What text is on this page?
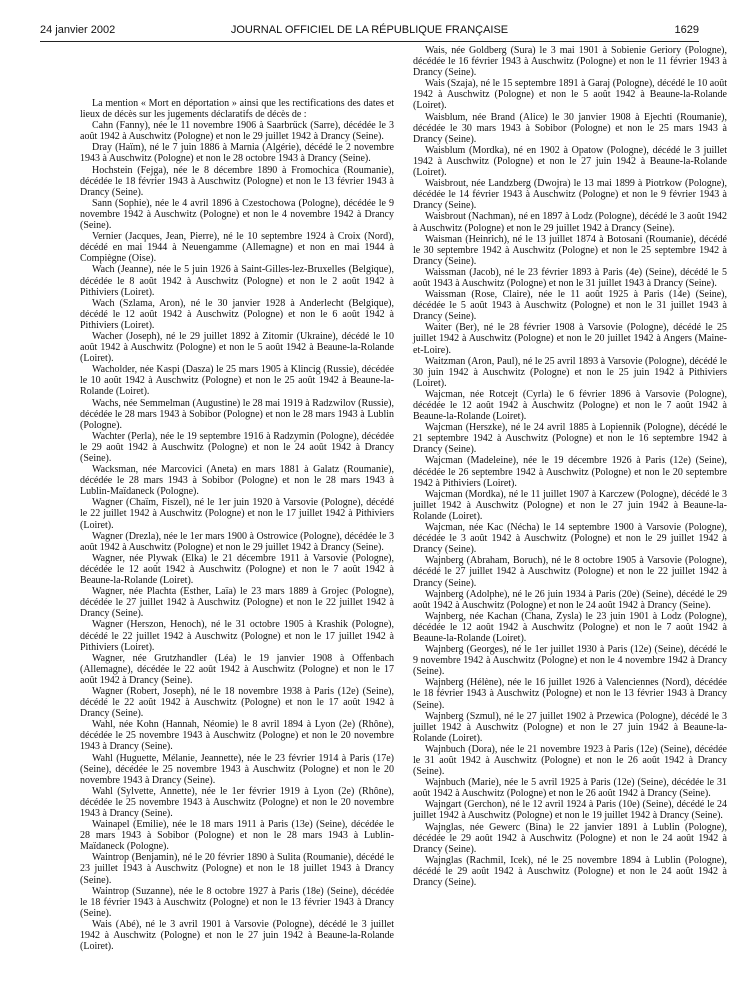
24 janvier 2002	JOURNAL OFFICIEL DE LA RÉPUBLIQUE FRANÇAISE	1629

La mention « Mort en déportation » ainsi que les rectifications des dates et lieux de décès sur les jugements déclaratifs de décès de :

Cahn (Fanny), née le 11 novembre 1906 à Saarbrück (Sarre), décédée le 3 août 1942 à Auschwitz (Pologne) et non le 29 juillet 1942 à Drancy (Seine).

Dray (Haïm), né le 7 juin 1886 à Marnia (Algérie), décédé le 2 novembre 1943 à Auschwitz (Pologne) et non le 28 octobre 1943 à Drancy (Seine).

Hochstein (Fejga), née le 8 décembre 1890 à Fromochica (Roumanie), décédée le 18 février 1943 à Auschwitz (Pologne) et non le 13 février 1943 à Drancy (Seine).

Sann (Sophie), née le 4 avril 1896 à Czestochowa (Pologne), décédée le 9 novembre 1942 à Auschwitz (Pologne) et non le 4 novembre 1942 à Drancy (Seine).

Vernier (Jacques, Jean, Pierre), né le 10 septembre 1924 à Croix (Nord), décédé en mai 1944 à Neuengamme (Allemagne) et non en mai 1944 à Compiègne (Oise).

Wach (Jeanne), née le 5 juin 1926 à Saint-Gilles-lez-Bruxelles (Belgique), décédée le 8 août 1942 à Auschwitz (Pologne) et non le 2 août 1942 à Pithiviers (Loiret).

Wach (Szlama, Aron), né le 30 janvier 1928 à Anderlecht (Belgique), décédé le 12 août 1942 à Auschwitz (Pologne) et non le 6 août 1942 à Pithiviers (Loiret).

Wacher (Joseph), né le 29 juillet 1892 à Zitomir (Ukraine), décédé le 10 août 1942 à Auschwitz (Pologne) et non le 5 août 1942 à Beaune-la-Rolande (Loiret).

Wacholder, née Kaspi (Dasza) le 25 mars 1905 à Klincig (Russie), décédée le 10 août 1942 à Auschwitz (Pologne) et non le 25 août 1942 à Beaune-la-Rolande (Loiret).

Wachs, née Semmelman (Augustine) le 28 mai 1919 à Radzwilov (Russie), décédée le 28 mars 1943 à Sobibor (Pologne) et non le 28 mars 1943 à Lublin (Pologne).

Wachter (Perla), née le 19 septembre 1916 à Radzymin (Pologne), décédée le 29 août 1942 à Auschwitz (Pologne) et non le 24 août 1942 à Drancy (Seine).

Wacksman, née Marcovici (Aneta) en mars 1881 à Galatz (Roumanie), décédée le 28 mars 1943 à Sobibor (Pologne) et non le 28 mars 1943 à Lublin-Maïdaneck (Pologne).

Wagner (Chaïm, Fiszel), né le 1er juin 1920 à Varsovie (Pologne), décédé le 22 juillet 1942 à Auschwitz (Pologne) et non le 17 juillet 1942 à Pithiviers (Loiret).

Wagner (Drezla), née le 1er mars 1900 à Ostrowice (Pologne), décédée le 3 août 1942 à Auschwitz (Pologne) et non le 29 juillet 1942 à Drancy (Seine).

Wagner, née Plywak (Elka) le 21 décembre 1911 à Varsovie (Pologne), décédée le 12 août 1942 à Auschwitz (Pologne) et non le 7 août 1942 à Beaune-la-Rolande (Loiret).

Wagner, née Plachta (Esther, Laïa) le 23 mars 1889 à Grojec (Pologne), décédée le 27 juillet 1942 à Auschwitz (Pologne) et non le 22 juillet 1942 à Drancy (Seine).

Wagner (Herszon, Henoch), né le 31 octobre 1905 à Krashik (Pologne), décédé le 22 juillet 1942 à Auschwitz (Pologne) et non le 17 juillet 1942 à Pithiviers (Loiret).

Wagner, née Grutzhandler (Léa) le 19 janvier 1908 à Offenbach (Allemagne), décédée le 22 août 1942 à Auschwitz (Pologne) et non le 17 août 1942 à Drancy (Seine).

Wagner (Robert, Joseph), né le 18 novembre 1938 à Paris (12e) (Seine), décédé le 22 août 1942 à Auschwitz (Pologne) et non le 17 août 1942 à Drancy (Seine).

Wahl, née Kohn (Hannah, Néomie) le 8 avril 1894 à Lyon (2e) (Rhône), décédée le 25 novembre 1943 à Auschwitz (Pologne) et non le 20 novembre 1943 à Drancy (Seine).

Wahl (Huguette, Mélanie, Jeannette), née le 23 février 1914 à Paris (17e) (Seine), décédée le 25 novembre 1943 à Auschwitz (Pologne) et non le 20 novembre 1943 à Drancy (Seine).

Wahl (Sylvette, Annette), née le 1er février 1919 à Lyon (2e) (Rhône), décédée le 25 novembre 1943 à Auschwitz (Pologne) et non le 20 novembre 1943 à Drancy (Seine).

Wainapel (Emilie), née le 18 mars 1911 à Paris (13e) (Seine), décédée le 28 mars 1943 à Sobibor (Pologne) et non le 28 mars 1943 à Lublin-Maïdaneck (Pologne).

Waintrop (Benjamin), né le 20 février 1890 à Sulita (Roumanie), décédé le 23 juillet 1943 à Auschwitz (Pologne) et non le 18 juillet 1943 à Drancy (Seine).

Waintrop (Suzanne), née le 8 octobre 1927 à Paris (18e) (Seine), décédée le 18 février 1943 à Auschwitz (Pologne) et non le 13 février 1943 à Drancy (Seine).

Wais (Abé), né le 3 avril 1901 à Varsovie (Pologne), décédé le 3 juillet 1942 à Auschwitz (Pologne) et non le 27 juin 1942 à Beaune-la-Rolande (Loiret).

Wais, née Goldberg (Sura) le 3 mai 1901 à Sobienie Geriory (Pologne), décédée le 16 février 1943 à Auschwitz (Pologne) et non le 11 février 1943 à Drancy (Seine).

Wais (Szaja), né le 15 septembre 1891 à Garaj (Pologne), décédé le 10 août 1942 à Auschwitz (Pologne) et non le 5 août 1942 à Beaune-la-Rolande (Loiret).

Waisblum, née Brand (Alice) le 30 janvier 1908 à Ejechti (Roumanie), décédée le 30 mars 1943 à Sobibor (Pologne) et non le 25 mars 1943 à Drancy (Seine).

Waisblum (Mordka), né en 1902 à Opatow (Pologne), décédé le 3 juillet 1942 à Auschwitz (Pologne) et non le 27 juin 1942 à Beaune-la-Rolande (Loiret).

Waisbrout, née Landzberg (Dwojra) le 13 mai 1899 à Piotrkow (Pologne), décédée le 14 février 1943 à Auschwitz (Pologne) et non le 9 février 1943 à Drancy (Seine).

Waisbrout (Nachman), né en 1897 à Lodz (Pologne), décédé le 3 août 1942 à Auschwitz (Pologne) et non le 29 juillet 1942 à Drancy (Seine).

Waisman (Heinrich), né le 13 juillet 1874 à Botosani (Roumanie), décédé le 30 septembre 1942 à Auschwitz (Pologne) et non le 25 septembre 1942 à Drancy (Seine).

Waissman (Jacob), né le 23 février 1893 à Paris (4e) (Seine), décédé le 5 août 1943 à Auschwitz (Pologne) et non le 31 juillet 1943 à Drancy (Seine).

Waissman (Rose, Claire), née le 11 août 1925 à Paris (14e) (Seine), décédée le 5 août 1943 à Auschwitz (Pologne) et non le 31 juillet 1943 à Drancy (Seine).

Waiter (Ber), né le 28 février 1908 à Varsovie (Pologne), décédé le 25 juillet 1942 à Auschwitz (Pologne) et non le 20 juillet 1942 à Angers (Maine-et-Loire).

Waitzman (Aron, Paul), né le 25 avril 1893 à Varsovie (Pologne), décédé le 30 juin 1942 à Auschwitz (Pologne) et non le 25 juin 1942 à Pithiviers (Loiret).

Wajcman, née Rotcejt (Cyrla) le 6 février 1896 à Varsovie (Pologne), décédée le 12 août 1942 à Auschwitz (Pologne) et non le 7 août 1942 à Beaune-la-Rolande (Loiret).

Wajcman (Herszke), né le 24 avril 1885 à Lopiennik (Pologne), décédé le 21 septembre 1942 à Auschwitz (Pologne) et non le 16 septembre 1942 à Drancy (Seine).

Wajcman (Madeleine), née le 19 décembre 1926 à Paris (12e) (Seine), décédée le 26 septembre 1942 à Auschwitz (Pologne) et non le 20 septembre 1942 à Pithiviers (Loiret).

Wajcman (Mordka), né le 11 juillet 1907 à Karczew (Pologne), décédé le 3 juillet 1942 à Auschwitz (Pologne) et non le 27 juin 1942 à Beaune-la-Rolande (Loiret).

Wajcman, née Kac (Nécha) le 14 septembre 1900 à Varsovie (Pologne), décédée le 3 août 1942 à Auschwitz (Pologne) et non le 29 juillet 1942 à Drancy (Seine).

Wajnberg (Abraham, Boruch), né le 8 octobre 1905 à Varsovie (Pologne), décédé le 27 juillet 1942 à Auschwitz (Pologne) et non le 22 juillet 1942 à Drancy (Seine).

Wajnberg (Adolphe), né le 26 juin 1934 à Paris (20e) (Seine), décédé le 29 août 1942 à Auschwitz (Pologne) et non le 24 août 1942 à Drancy (Seine).

Wajnberg, née Kachan (Chana, Zysla) le 23 juin 1901 à Lodz (Pologne), décédée le 12 août 1942 à Auschwitz (Pologne) et non le 7 août 1942 à Beaune-la-Rolande (Loiret).

Wajnberg (Georges), né le 1er juillet 1930 à Paris (12e) (Seine), décédé le 9 novembre 1942 à Auschwitz (Pologne) et non le 4 novembre 1942 à Drancy (Seine).

Wajnberg (Hélène), née le 16 juillet 1926 à Valenciennes (Nord), décédée le 18 février 1943 à Auschwitz (Pologne) et non le 13 février 1943 à Drancy (Seine).

Wajnberg (Szmul), né le 27 juillet 1902 à Przewica (Pologne), décédé le 3 juillet 1942 à Auschwitz (Pologne) et non le 27 juin 1942 à Beaune-la-Rolande (Loiret).

Wajnbuch (Dora), née le 21 novembre 1923 à Paris (12e) (Seine), décédée le 31 août 1942 à Auschwitz (Pologne) et non le 26 août 1942 à Drancy (Seine).

Wajnbuch (Marie), née le 5 avril 1925 à Paris (12e) (Seine), décédée le 31 août 1942 à Auschwitz (Pologne) et non le 26 août 1942 à Drancy (Seine).

Wajngart (Gerchon), né le 12 avril 1924 à Paris (10e) (Seine), décédé le 24 juillet 1942 à Auschwitz (Pologne) et non le 19 juillet 1942 à Drancy (Seine).

Wajnglas, née Gewerc (Bina) le 22 janvier 1891 à Lublin (Pologne), décédée le 29 août 1942 à Auschwitz (Pologne) et non le 24 août 1942 à Drancy (Seine).

Wajnglas (Rachmil, Icek), né le 25 novembre 1894 à Lublin (Pologne), décédé le 29 août 1942 à Auschwitz (Pologne) et non le 24 août 1942 à Drancy (Seine).
